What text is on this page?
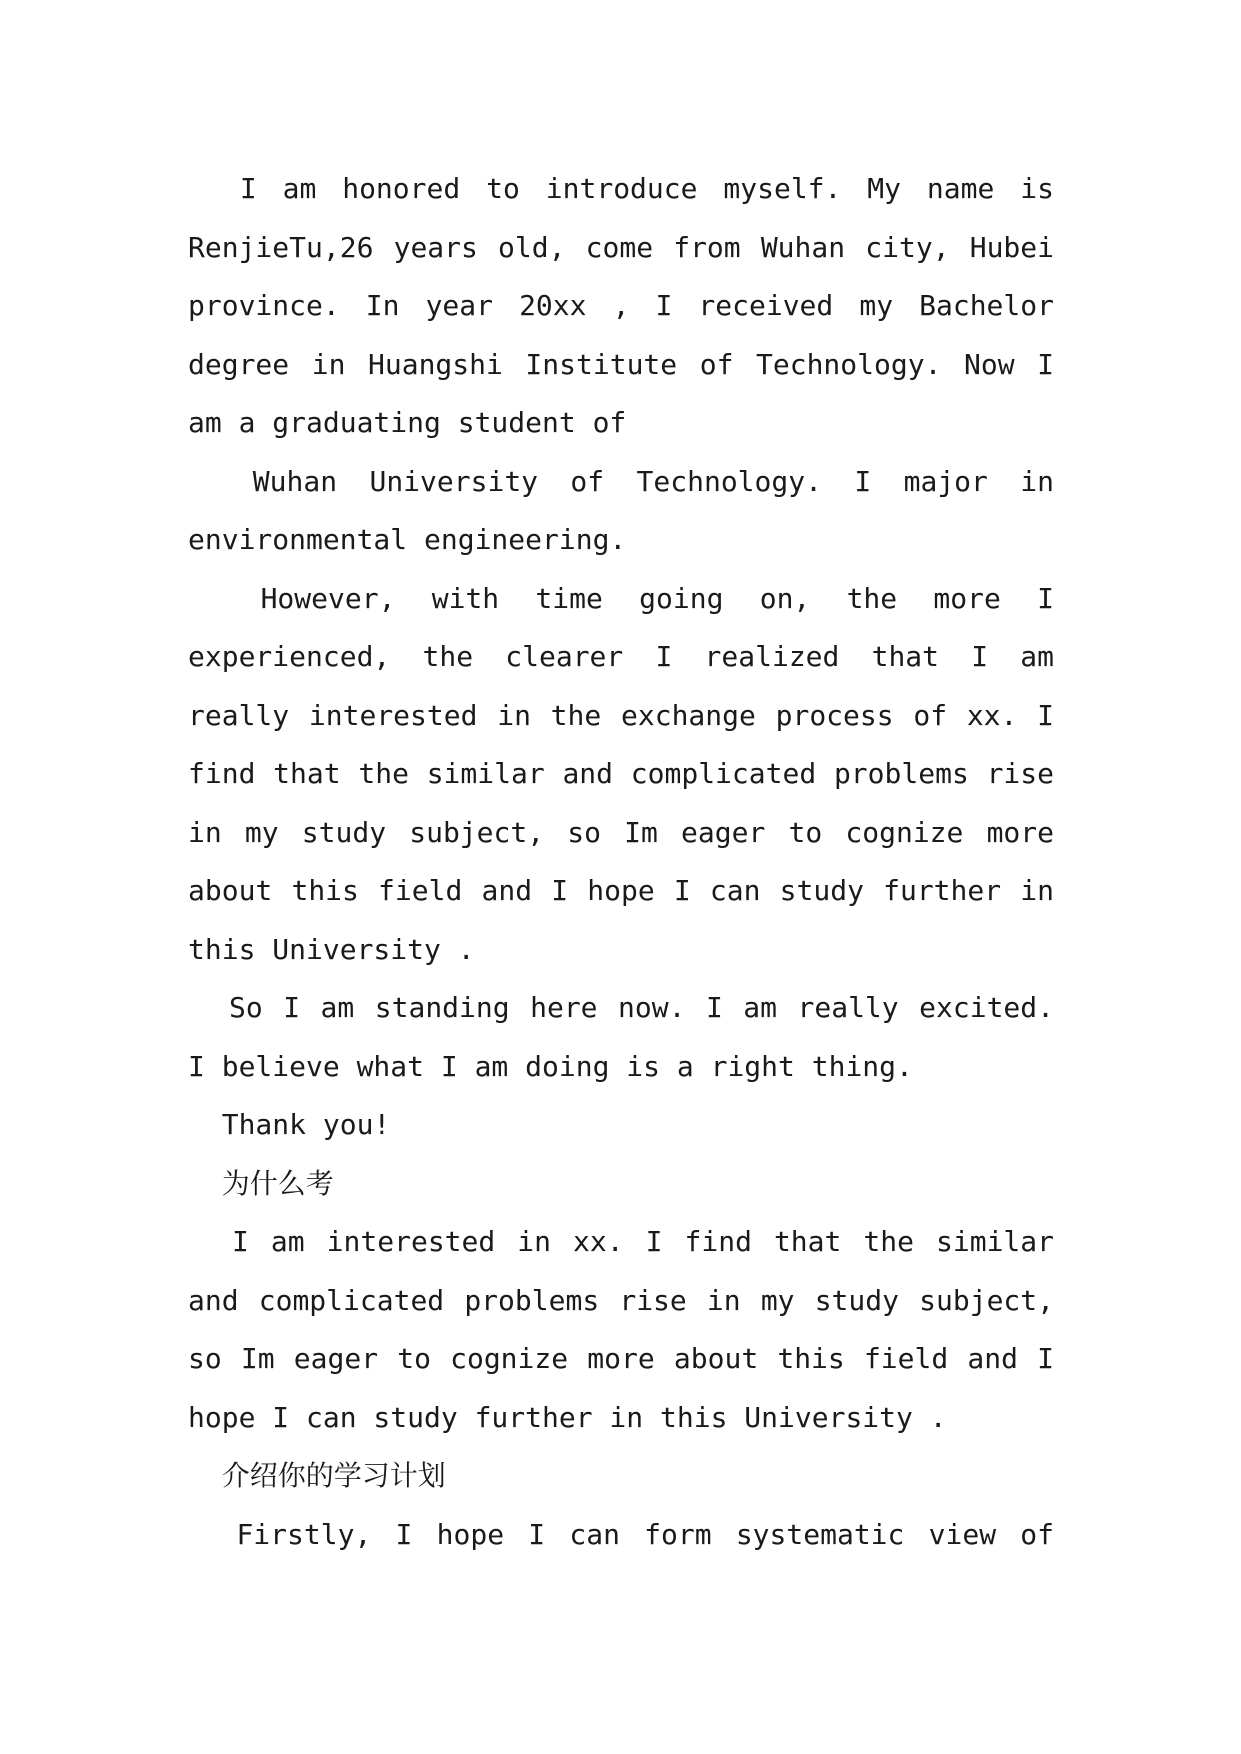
I am honored to introduce myself. My name is
RenjieTu,26 years old, come from Wuhan city, Hubei
province. In year 20xx , I received my Bachelor
degree in Huangshi Institute of Technology. Now I
am a graduating student of
Wuhan University of Technology. I major in
environmental engineering.
However, with time going on, the more I
experienced, the clearer I realized that I am
really interested in the exchange process of xx. I
find that the similar and complicated problems rise
in my study subject, so Im eager to cognize more
about this field and I hope I can study further in
this University .
So I am standing here now. I am really excited.
I believe what I am doing is a right thing.
Thank you!
为什么考
I am interested in xx. I find that the similar
and complicated problems rise in my study subject,
so Im eager to cognize more about this field and I
hope I can study further in this University .
介绍你的学习计划
Firstly, I hope I can form systematic view of
